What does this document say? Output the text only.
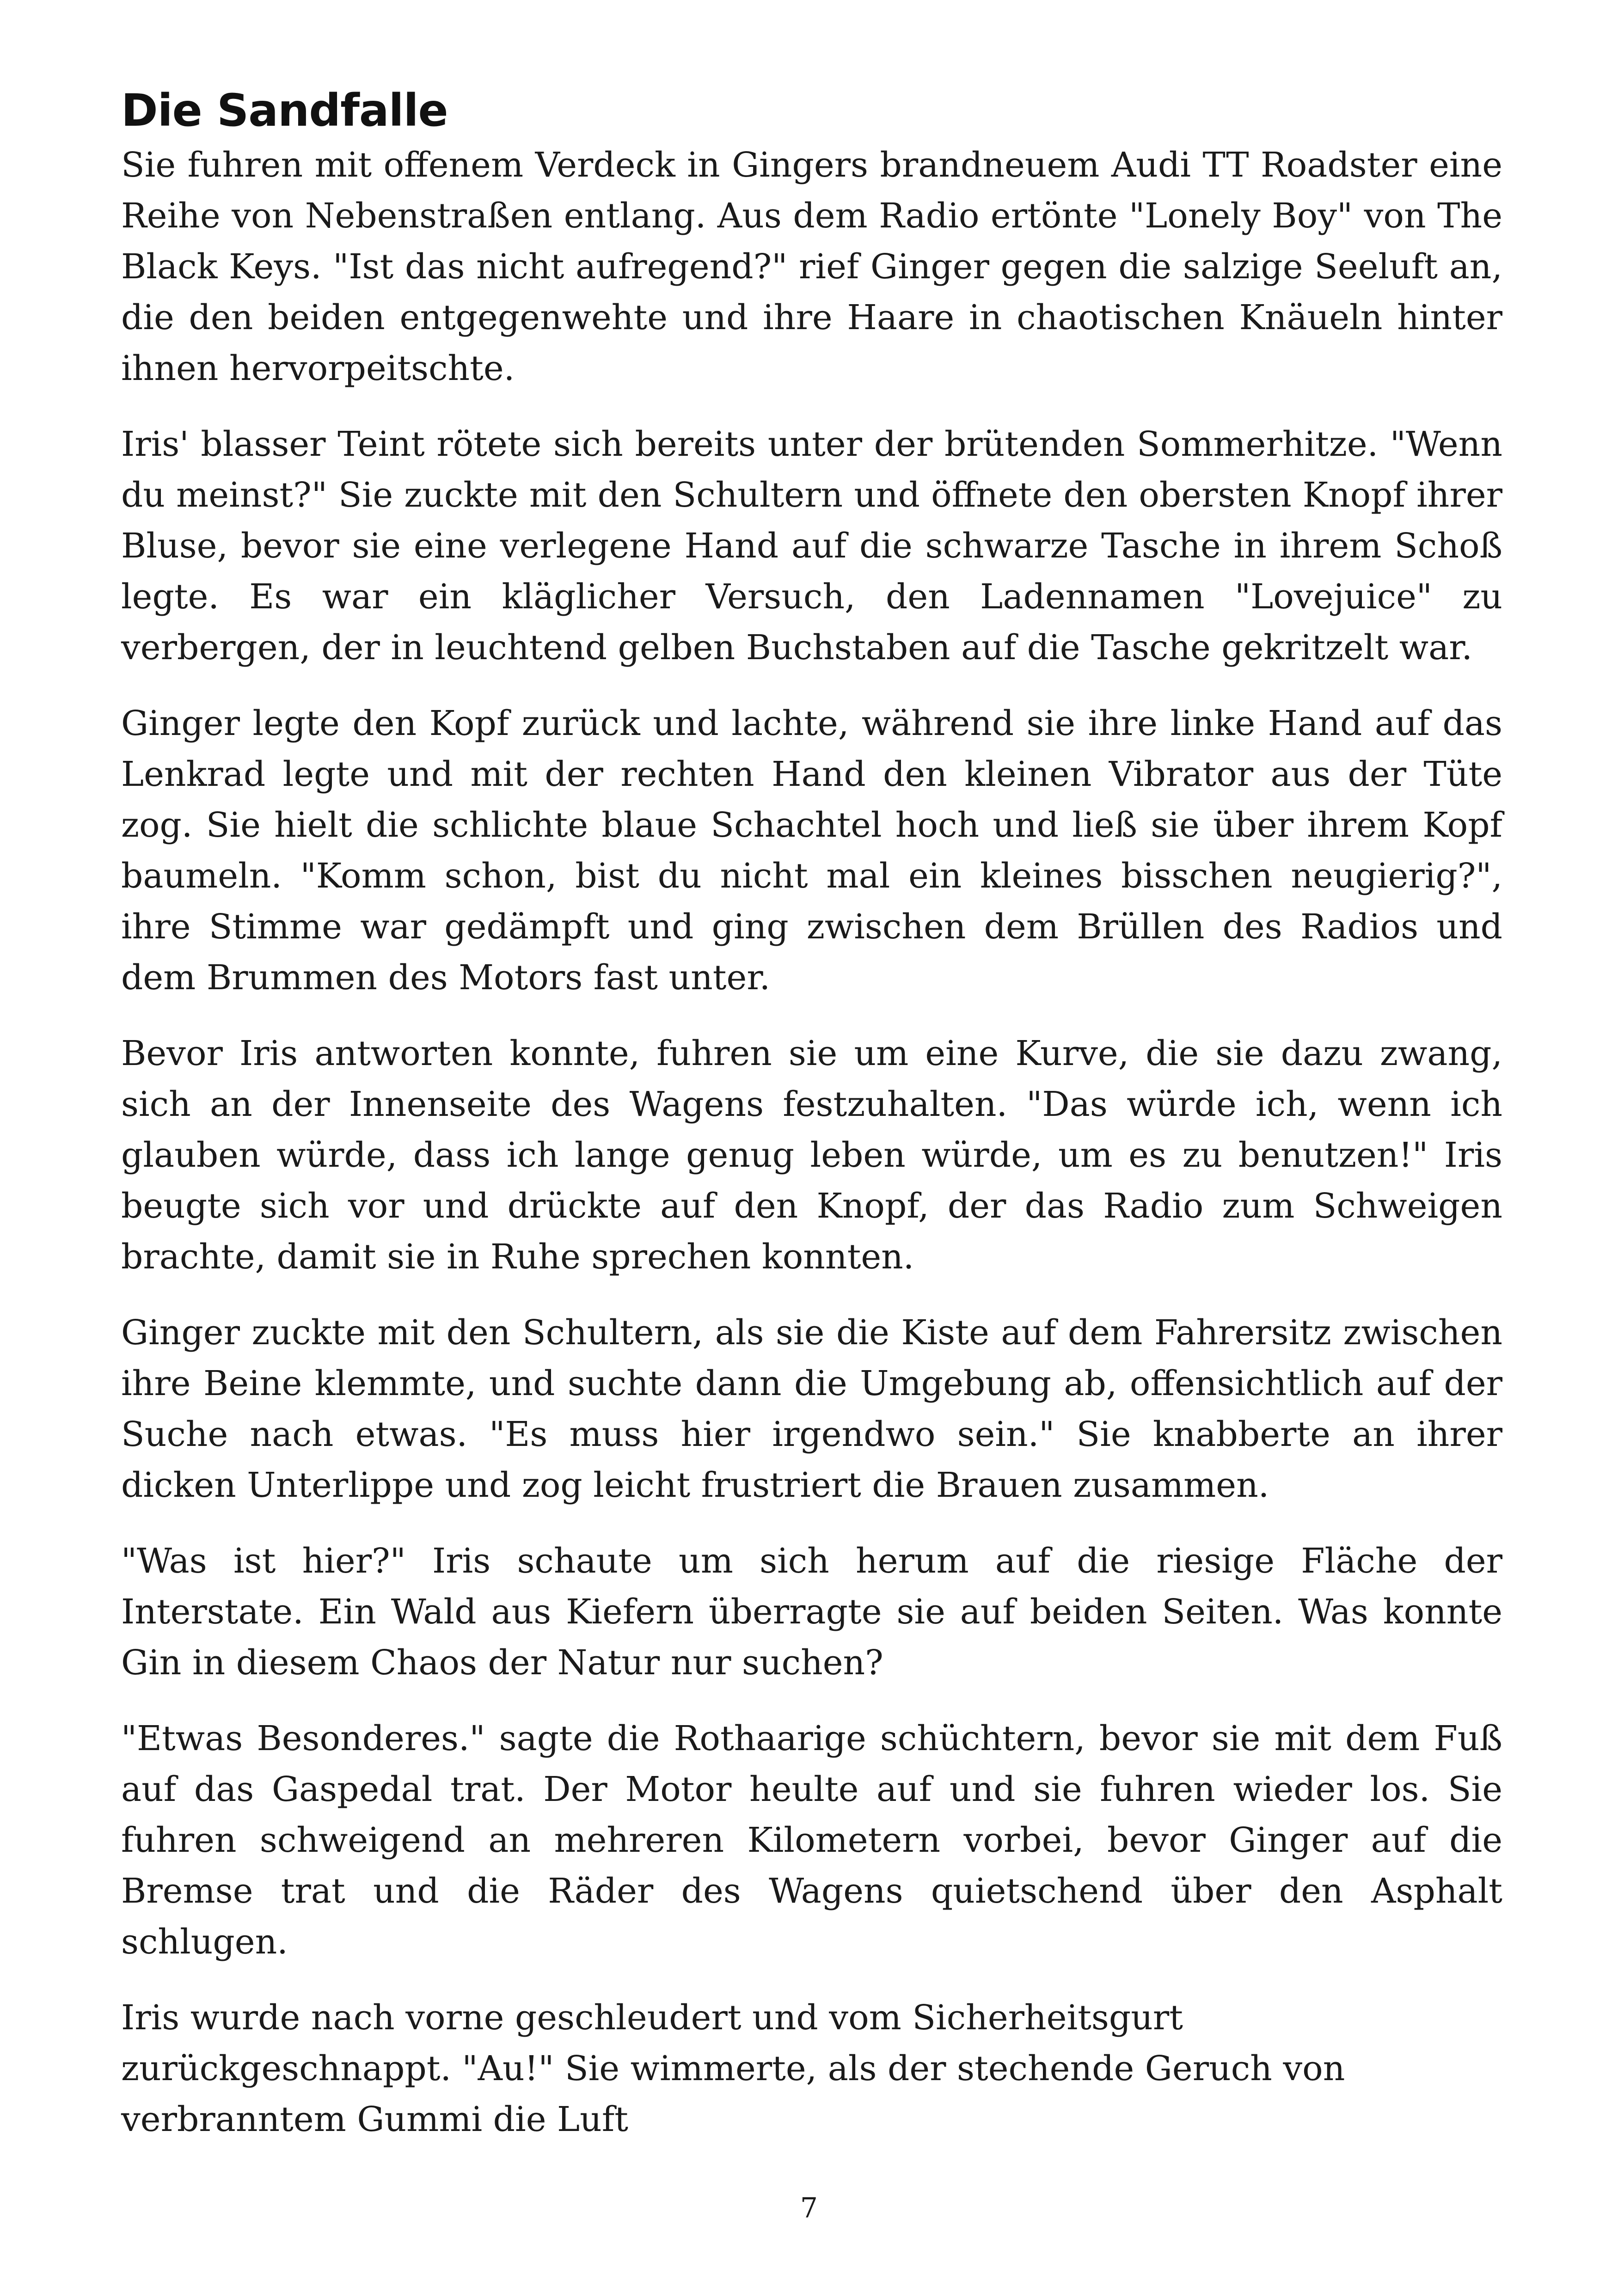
Die Sandfalle

Sie fuhren mit offenem Verdeck in Gingers brandneuem Audi TT Roadster eine Reihe von Nebenstraßen entlang. Aus dem Radio ertönte "Lonely Boy" von The Black Keys. "Ist das nicht aufregend?" rief Ginger gegen die salzige Seeluft an, die den beiden entgegenwehte und ihre Haare in chaotischen Knäueln hinter ihnen hervorpeitschte.

Iris' blasser Teint rötete sich bereits unter der brütenden Sommerhitze. "Wenn du meinst?" Sie zuckte mit den Schultern und öffnete den obersten Knopf ihrer Bluse, bevor sie eine verlegene Hand auf die schwarze Tasche in ihrem Schoß legte. Es war ein kläglicher Versuch, den Ladennamen "Lovejuice" zu verbergen, der in leuchtend gelben Buchstaben auf die Tasche gekritzelt war.

Ginger legte den Kopf zurück und lachte, während sie ihre linke Hand auf das Lenkrad legte und mit der rechten Hand den kleinen Vibrator aus der Tüte zog. Sie hielt die schlichte blaue Schachtel hoch und ließ sie über ihrem Kopf baumeln. "Komm schon, bist du nicht mal ein kleines bisschen neugierig?", ihre Stimme war gedämpft und ging zwischen dem Brüllen des Radios und dem Brummen des Motors fast unter.

Bevor Iris antworten konnte, fuhren sie um eine Kurve, die sie dazu zwang, sich an der Innenseite des Wagens festzuhalten. "Das würde ich, wenn ich glauben würde, dass ich lange genug leben würde, um es zu benutzen!" Iris beugte sich vor und drückte auf den Knopf, der das Radio zum Schweigen brachte, damit sie in Ruhe sprechen konnten.

Ginger zuckte mit den Schultern, als sie die Kiste auf dem Fahrersitz zwischen ihre Beine klemmte, und suchte dann die Umgebung ab, offensichtlich auf der Suche nach etwas. "Es muss hier irgendwo sein." Sie knabberte an ihrer dicken Unterlippe und zog leicht frustriert die Brauen zusammen.

"Was ist hier?" Iris schaute um sich herum auf die riesige Fläche der Interstate. Ein Wald aus Kiefern überragte sie auf beiden Seiten. Was konnte Gin in diesem Chaos der Natur nur suchen?

"Etwas Besonderes." sagte die Rothaarige schüchtern, bevor sie mit dem Fuß auf das Gaspedal trat. Der Motor heulte auf und sie fuhren wieder los. Sie fuhren schweigend an mehreren Kilometern vorbei, bevor Ginger auf die Bremse trat und die Räder des Wagens quietschend über den Asphalt schlugen.

Iris wurde nach vorne geschleudert und vom Sicherheitsgurt zurückgeschnappt. "Au!" Sie wimmerte, als der stechende Geruch von verbranntem Gummi die Luft

7
